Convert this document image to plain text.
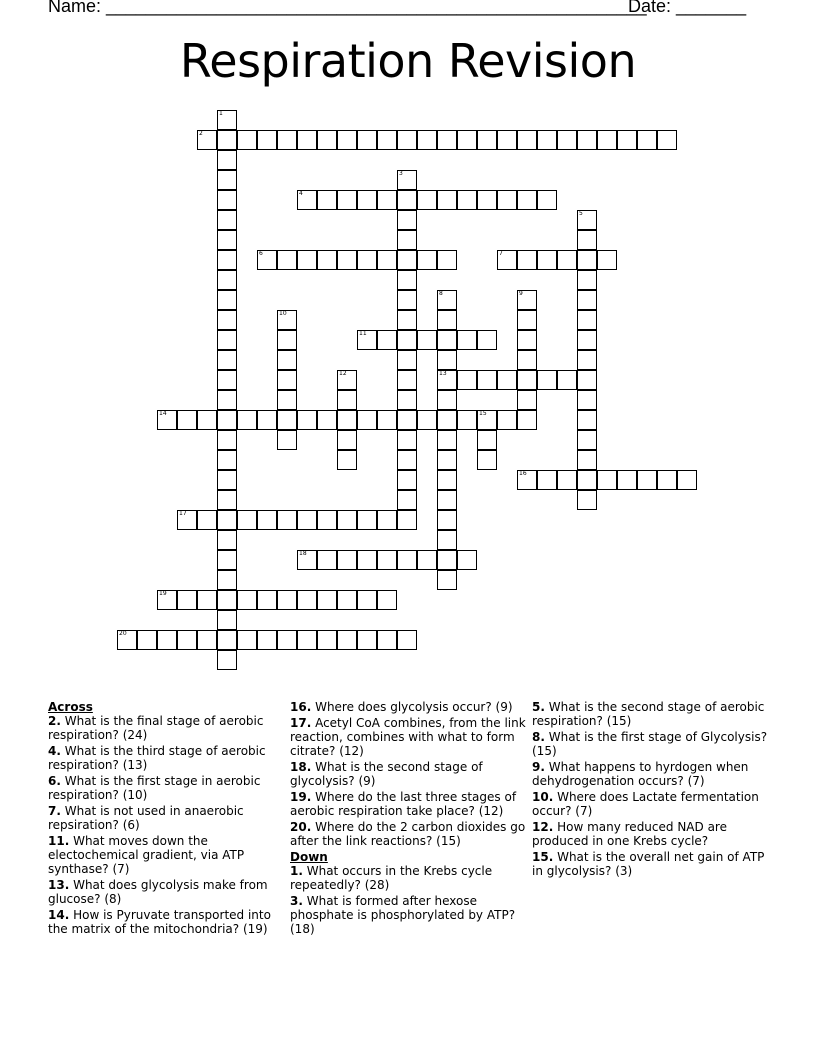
Name: ______________________________________________________
Date: _______
Respiration Revision
1
2
3
4
5
6	7
8
13
9
10
11
12
14	15
16
17
18
19
20
Across
2. What is the final stage of aerobic respiration? (24)
4. What is the third stage of aerobic respiration? (13)
6. What is the first stage in aerobic respiration? (10)
7. What is not used in anaerobic repsiration? (6)
11. What moves down the electochemical gradient, via ATP synthase? (7)
13. What does glycolysis make from glucose? (8)
14. How is Pyruvate transported into the matrix of the mitochondria? (19)
16. Where does glycolysis occur? (9)
17. Acetyl CoA combines, from the link reaction, combines with what to form citrate? (12)
18. What is the second stage of glycolysis? (9)
19. Where do the last three stages of aerobic respiration take place? (12)
20. Where do the 2 carbon dioxides go after the link reactions? (15)
Down
1. What occurs in the Krebs cycle repeatedly? (28)
3. What is formed after hexose phosphate is phosphorylated by ATP? (18)
5. What is the second stage of aerobic respiration? (15)
8. What is the first stage of Glycolysis? (15)
9. What happens to hyrdogen when dehydrogenation occurs? (7)
10. Where does Lactate fermentation occur? (7)
12. How many reduced NAD are produced in one Krebs cycle?
15. What is the overall net gain of ATP in glycolysis? (3)
